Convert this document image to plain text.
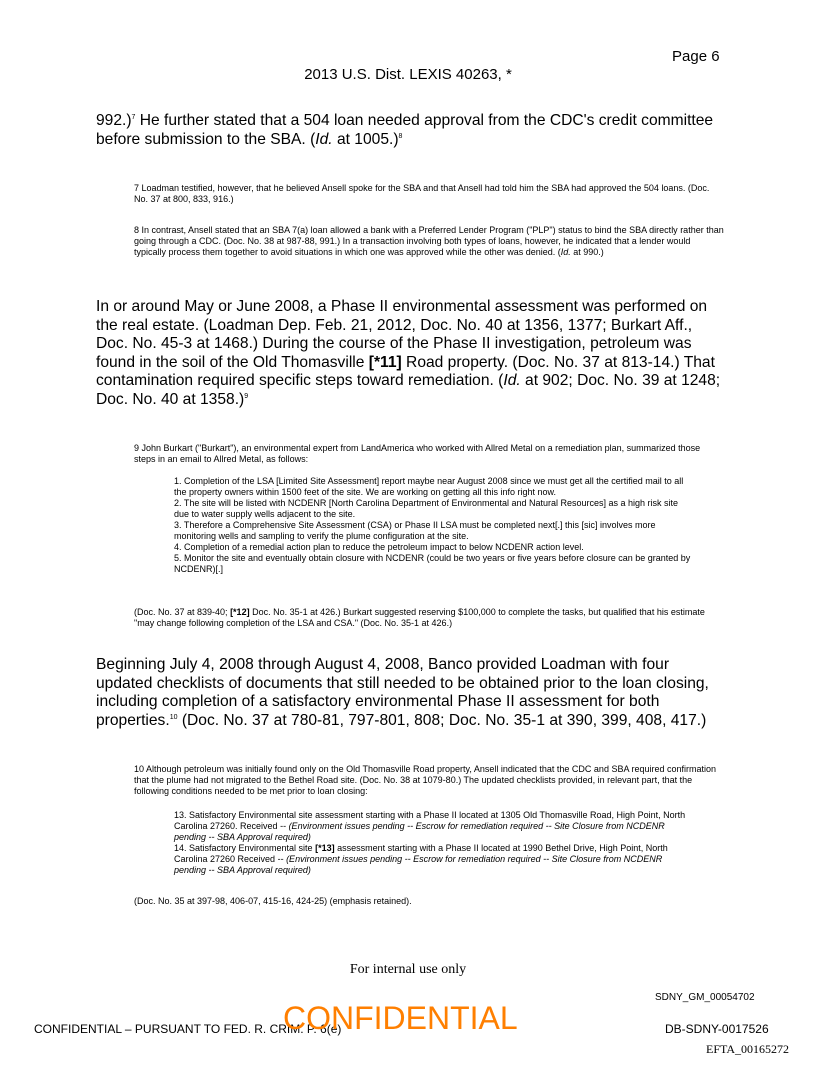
Page 6
2013 U.S. Dist. LEXIS 40263, *
992.)$^7$ He further stated that a 504 loan needed approval from the CDC's credit committee before submission to the SBA. (Id. at 1005.)$^8$
7 Loadman testified, however, that he believed Ansell spoke for the SBA and that Ansell had told him the SBA had approved the 504 loans. (Doc. No. 37 at 800, 833, 916.)
8 In contrast, Ansell stated that an SBA 7(a) loan allowed a bank with a Preferred Lender Program ("PLP") status to bind the SBA directly rather than going through a CDC. (Doc. No. 38 at 987-88, 991.) In a transaction involving both types of loans, however, he indicated that a lender would typically process them together to avoid situations in which one was approved while the other was denied. (Id. at 990.)
In or around May or June 2008, a Phase II environmental assessment was performed on the real estate. (Loadman Dep. Feb. 21, 2012, Doc. No. 40 at 1356, 1377; Burkart Aff., Doc. No. 45-3 at 1468.) During the course of the Phase II investigation, petroleum was found in the soil of the Old Thomasville [*11] Road property. (Doc. No. 37 at 813-14.) That contamination required specific steps toward remediation. (Id. at 902; Doc. No. 39 at 1248; Doc. No. 40 at 1358.)$^9$
9 John Burkart ("Burkart"), an environmental expert from LandAmerica who worked with Allred Metal on a remediation plan, summarized those steps in an email to Allred Metal, as follows:
1. Completion of the LSA [Limited Site Assessment] report maybe near August 2008 since we must get all the certified mail to all the property owners within 1500 feet of the site. We are working on getting all this info right now.
2. The site will be listed with NCDENR [North Carolina Department of Environmental and Natural Resources] as a high risk site due to water supply wells adjacent to the site.
3. Therefore a Comprehensive Site Assessment (CSA) or Phase II LSA must be completed next[.] this [sic] involves more monitoring wells and sampling to verify the plume configuration at the site.
4. Completion of a remedial action plan to reduce the petroleum impact to below NCDENR action level.
5. Monitor the site and eventually obtain closure with NCDENR (could be two years or five years before closure can be granted by NCDENR)[.]
(Doc. No. 37 at 839-40; [*12] Doc. No. 35-1 at 426.) Burkart suggested reserving $100,000 to complete the tasks, but qualified that his estimate "may change following completion of the LSA and CSA." (Doc. No. 35-1 at 426.)
Beginning July 4, 2008 through August 4, 2008, Banco provided Loadman with four updated checklists of documents that still needed to be obtained prior to the loan closing, including completion of a satisfactory environmental Phase II assessment for both properties.$^{10}$ (Doc. No. 37 at 780-81, 797-801, 808; Doc. No. 35-1 at 390, 399, 408, 417.)
10 Although petroleum was initially found only on the Old Thomasville Road property, Ansell indicated that the CDC and SBA required confirmation that the plume had not migrated to the Bethel Road site. (Doc. No. 38 at 1079-80.) The updated checklists provided, in relevant part, that the following conditions needed to be met prior to loan closing:
13. Satisfactory Environmental site assessment starting with a Phase II located at 1305 Old Thomasville Road, High Point, North Carolina 27260. Received -- (Environment issues pending -- Escrow for remediation required -- Site Closure from NCDENR pending -- SBA Approval required)
14. Satisfactory Environmental site [*13] assessment starting with a Phase II located at 1990 Bethel Drive, High Point, North Carolina 27260 Received -- (Environment issues pending -- Escrow for remediation required -- Site Closure from NCDENR pending -- SBA Approval required)
(Doc. No. 35 at 397-98, 406-07, 415-16, 424-25) (emphasis retained).
For internal use only
SDNY_GM_00054702
CONFIDENTIAL – PURSUANT TO FED. R. CRIM. P. 6(e)
CONFIDENTIAL	DB-SDNY-0017526
EFTA_00165272
